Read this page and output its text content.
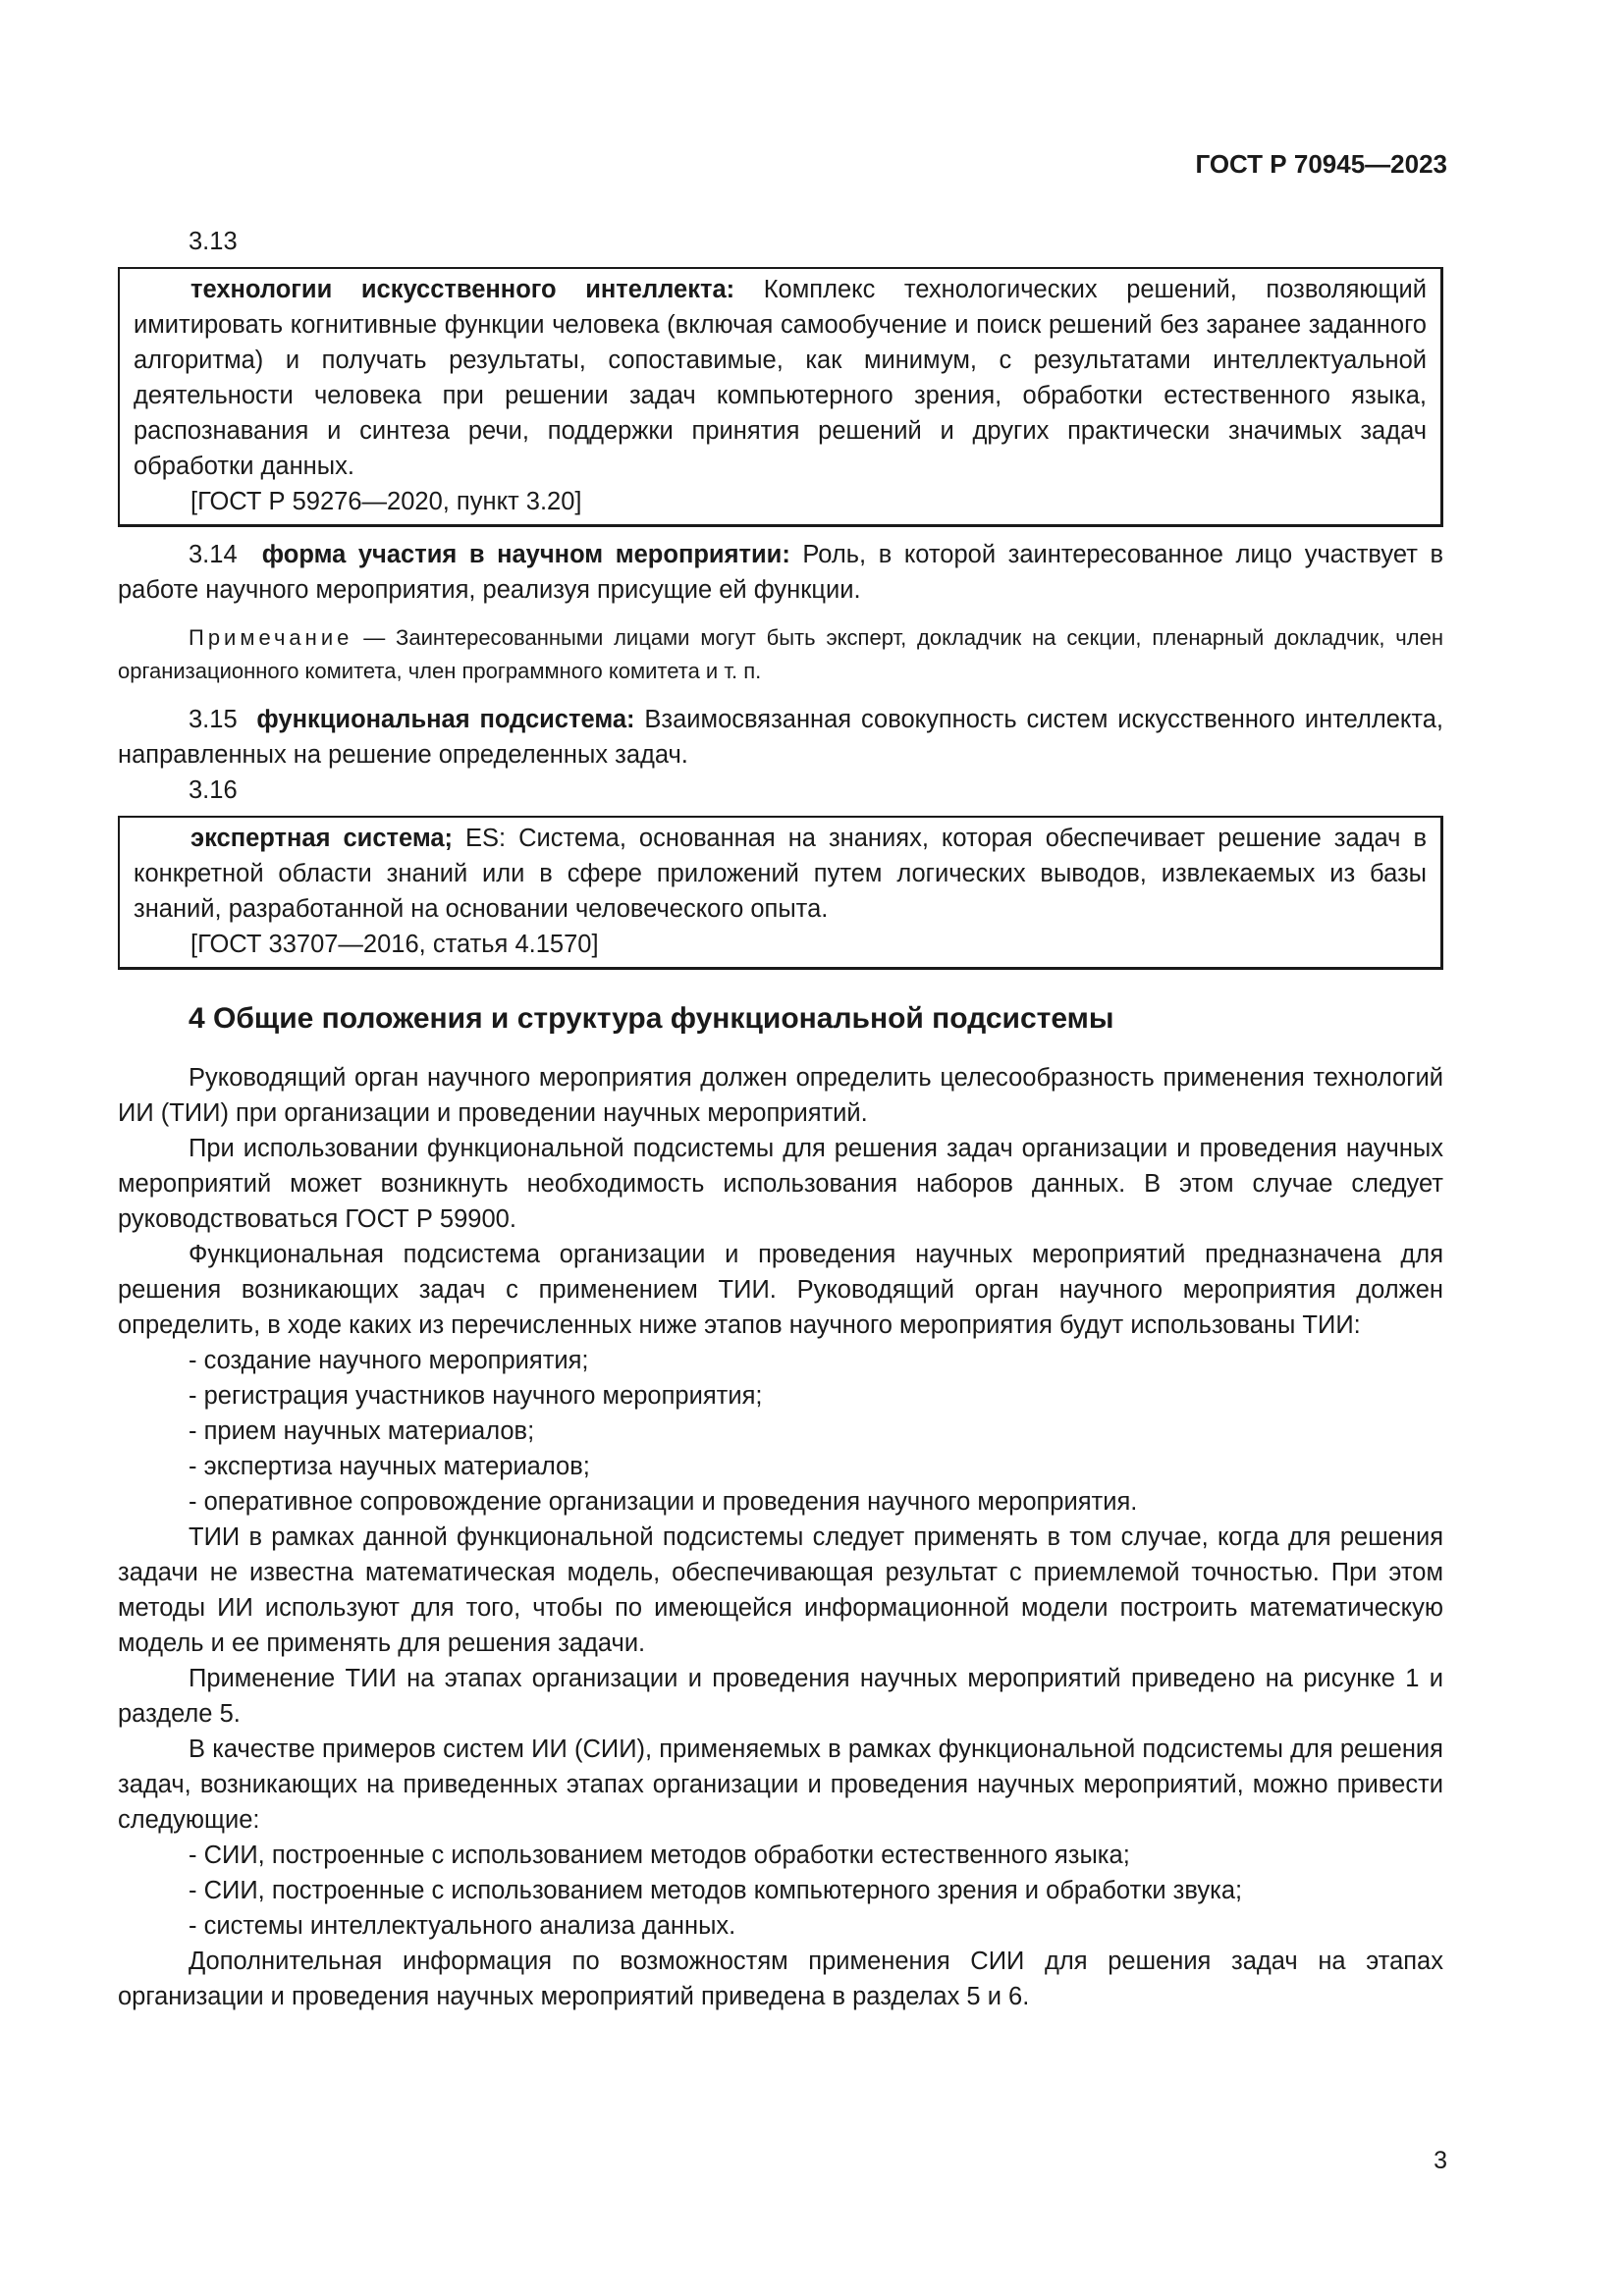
ГОСТ Р 70945—2023
3.13

технологии искусственного интеллекта: Комплекс технологических решений, позволяющий имитировать когнитивные функции человека (включая самообучение и поиск решений без заранее заданного алгоритма) и получать результаты, сопоставимые, как минимум, с результатами интеллектуальной деятельности человека при решении задач компьютерного зрения, обработки естественного языка, распознавания и синтеза речи, поддержки принятия решений и других практически значимых задач обработки данных.

[ГОСТ Р 59276—2020, пункт 3.20]

3.14 форма участия в научном мероприятии: Роль, в которой заинтересованное лицо участвует в работе научного мероприятия, реализуя присущие ей функции.

Примечание — Заинтересованными лицами могут быть эксперт, докладчик на секции, пленарный докладчик, член организационного комитета, член программного комитета и т. п.

3.15 функциональная подсистема: Взаимосвязанная совокупность систем искусственного интеллекта, направленных на решение определенных задач.

3.16

экспертная система; ES: Система, основанная на знаниях, которая обеспечивает решение задач в конкретной области знаний или в сфере приложений путем логических выводов, извлекаемых из базы знаний, разработанной на основании человеческого опыта.

[ГОСТ 33707—2016, статья 4.1570]
4 Общие положения и структура функциональной подсистемы

Руководящий орган научного мероприятия должен определить целесообразность применения технологий ИИ (ТИИ) при организации и проведении научных мероприятий.

При использовании функциональной подсистемы для решения задач организации и проведения научных мероприятий может возникнуть необходимость использования наборов данных. В этом случае следует руководствоваться ГОСТ Р 59900.

Функциональная подсистема организации и проведения научных мероприятий предназначена для решения возникающих задач с применением ТИИ. Руководящий орган научного мероприятия должен определить, в ходе каких из перечисленных ниже этапов научного мероприятия будут использованы ТИИ:

- создание научного мероприятия;
- регистрация участников научного мероприятия;
- прием научных материалов;
- экспертиза научных материалов;
- оперативное сопровождение организации и проведения научного мероприятия.

ТИИ в рамках данной функциональной подсистемы следует применять в том случае, когда для решения задачи не известна математическая модель, обеспечивающая результат с приемлемой точностью. При этом методы ИИ используют для того, чтобы по имеющейся информационной модели построить математическую модель и ее применять для решения задачи.

Применение ТИИ на этапах организации и проведения научных мероприятий приведено на рисунке 1 и разделе 5.

В качестве примеров систем ИИ (СИИ), применяемых в рамках функциональной подсистемы для решения задач, возникающих на приведенных этапах организации и проведения научных мероприятий, можно привести следующие:

- СИИ, построенные с использованием методов обработки естественного языка;
- СИИ, построенные с использованием методов компьютерного зрения и обработки звука;
- системы интеллектуального анализа данных.

Дополнительная информация по возможностям применения СИИ для решения задач на этапах организации и проведения научных мероприятий приведена в разделах 5 и 6.

3
